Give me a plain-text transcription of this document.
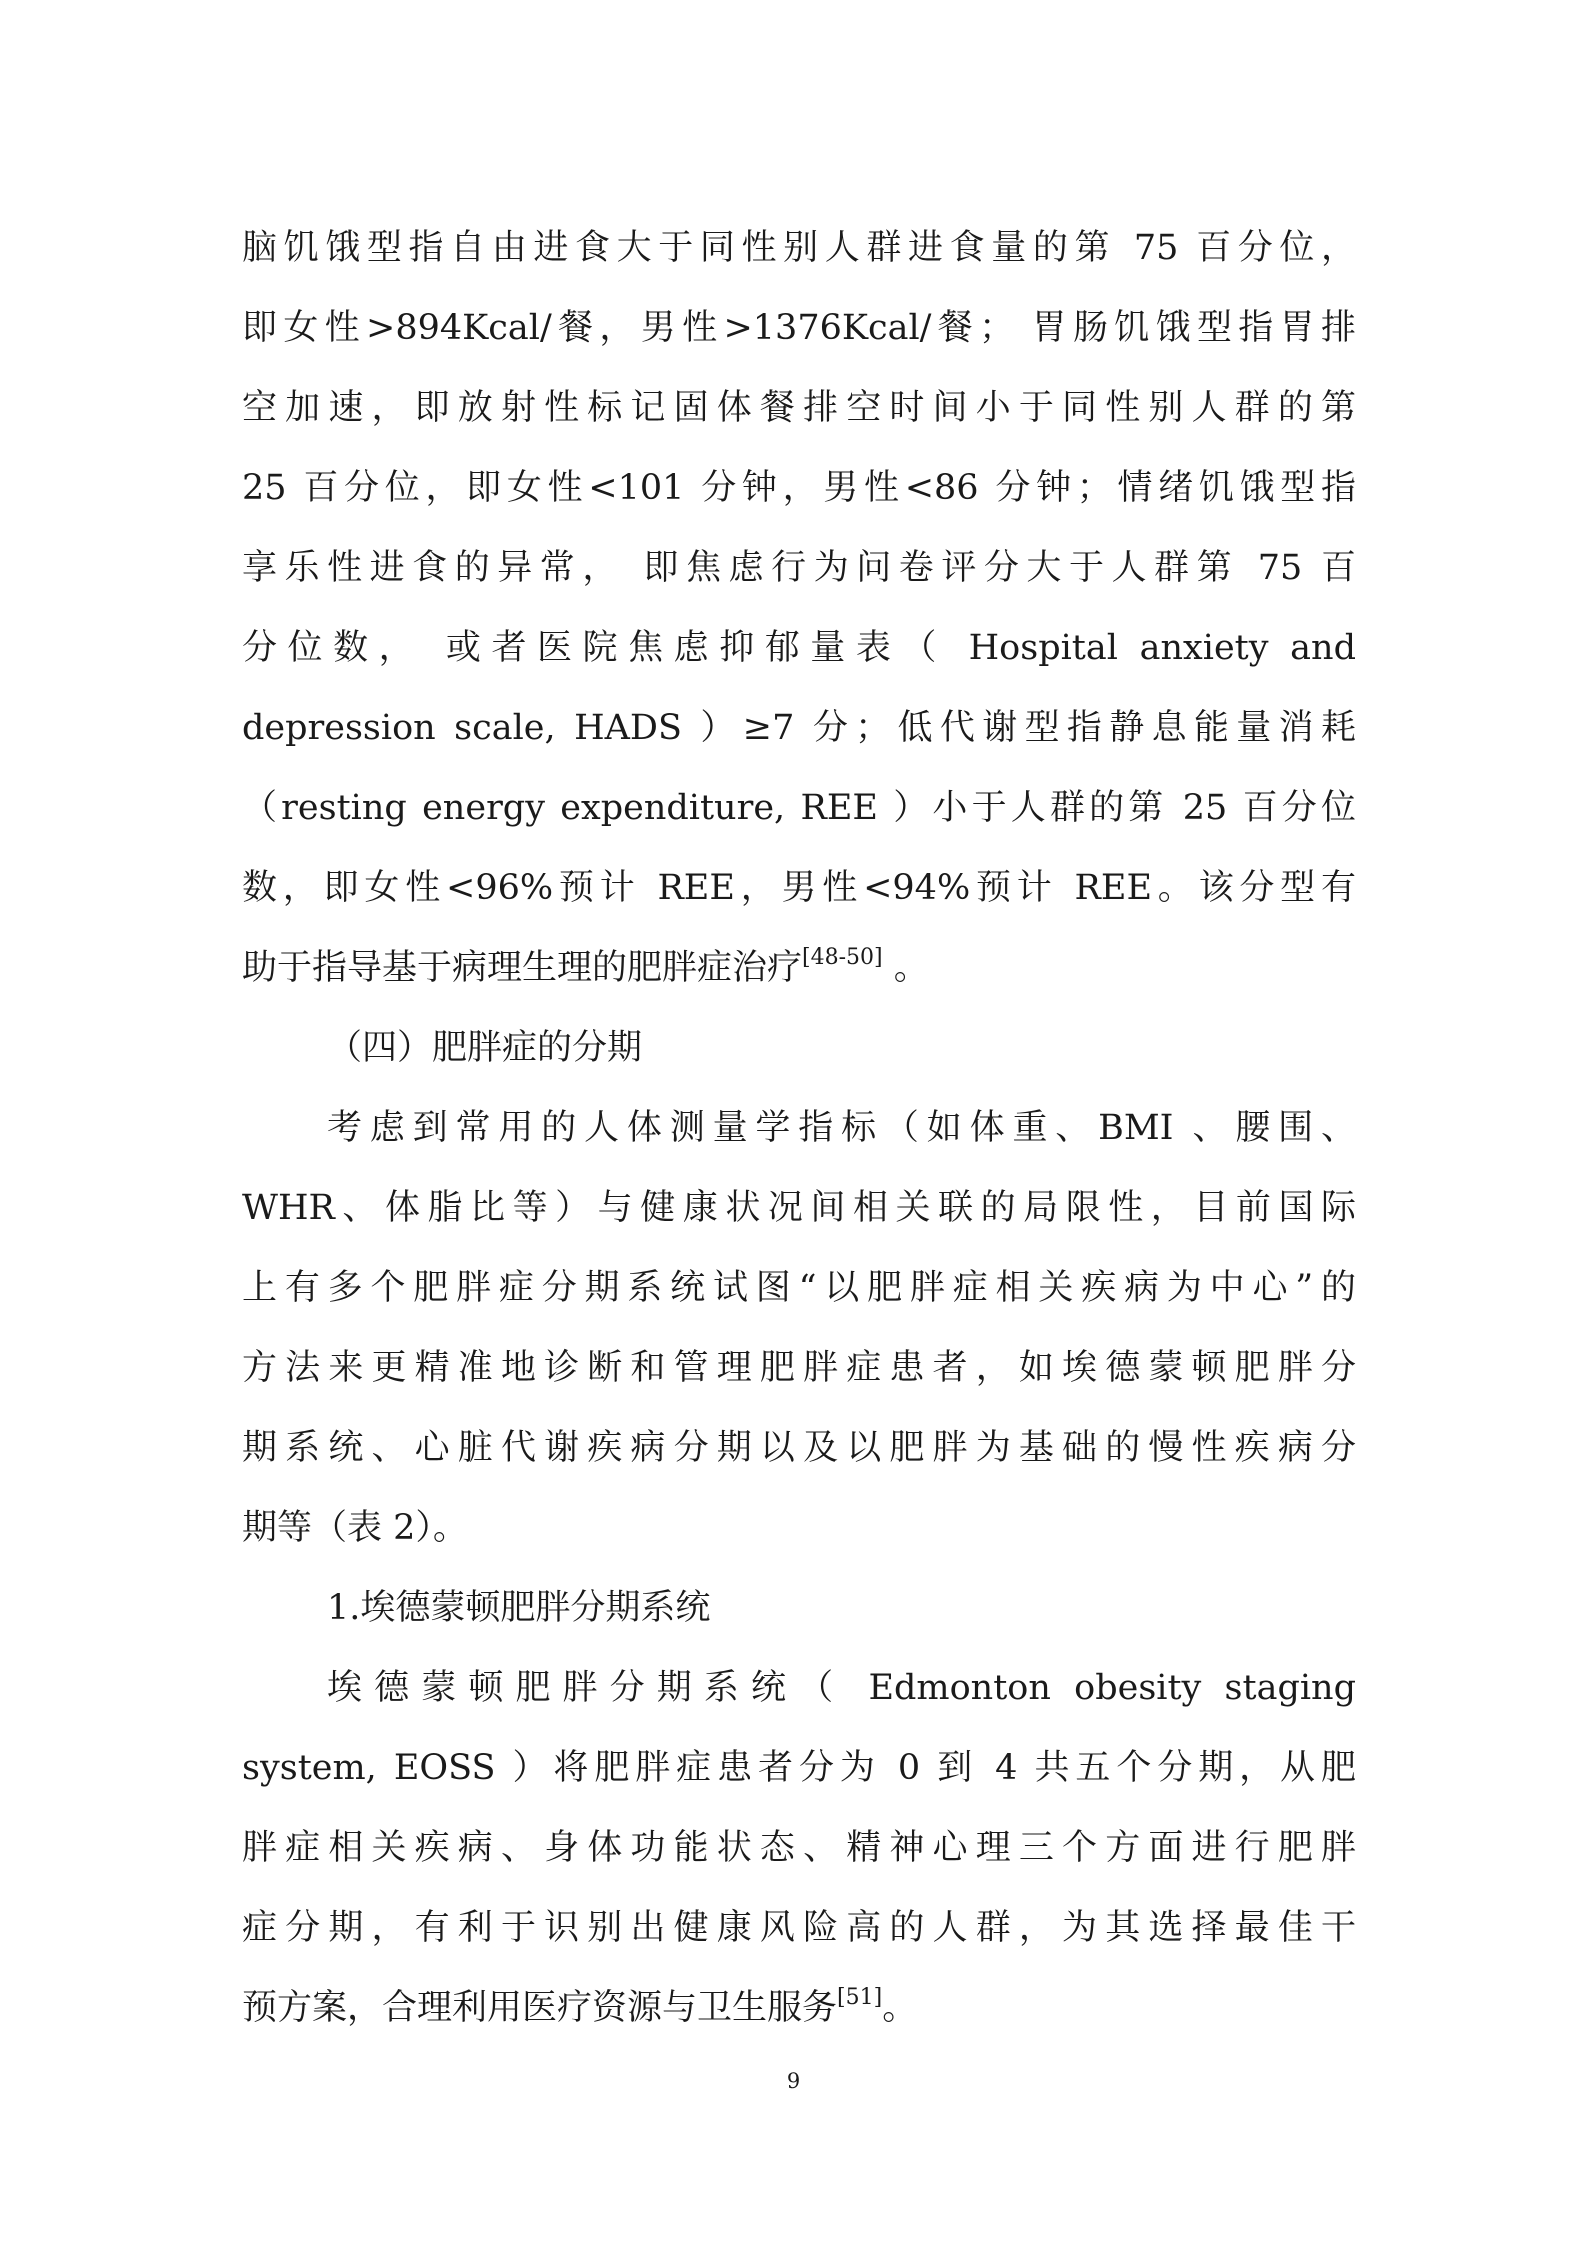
脑饥饿型指自由进食大于同性别人群进食量的第 75 百分位，
即女性>894Kcal/餐，男性>1376Kcal/餐； 胃肠饥饿型指胃排
空加速，即放射性标记固体餐排空时间小于同性别人群的第
25 百分位，即女性<101 分钟，男性<86 分钟；情绪饥饿型指
享乐性进食的异常， 即焦虑行为问卷评分大于人群第 75 百
分位数， 或者医院焦虑抑郁量表（ Hospital anxiety and
depression scale, HADS ）≥7 分；低代谢型指静息能量消耗
（resting energy expenditure, REE ）小于人群的第 25 百分位
数，即女性<96%预计 REE，男性<94%预计 REE。该分型有
助于指导基于病理生理的肥胖症治疗[48-50] 。
（四）肥胖症的分期
考虑到常用的人体测量学指标（如体重、BMI 、腰围、
WHR、体脂比等）与健康状况间相关联的局限性，目前国际
上有多个肥胖症分期系统试图“以肥胖症相关疾病为中心”的
方法来更精准地诊断和管理肥胖症患者，如埃德蒙顿肥胖分
期系统、心脏代谢疾病分期以及以肥胖为基础的慢性疾病分
期等（表 2）。
1.埃德蒙顿肥胖分期系统
埃德蒙顿肥胖分期系统（ Edmonton obesity staging
system, EOSS ）将肥胖症患者分为 0 到 4 共五个分期，从肥
胖症相关疾病、身体功能状态、精神心理三个方面进行肥胖
症分期，有利于识别出健康风险高的人群，为其选择最佳干
预方案，合理利用医疗资源与卫生服务[51]。
9
